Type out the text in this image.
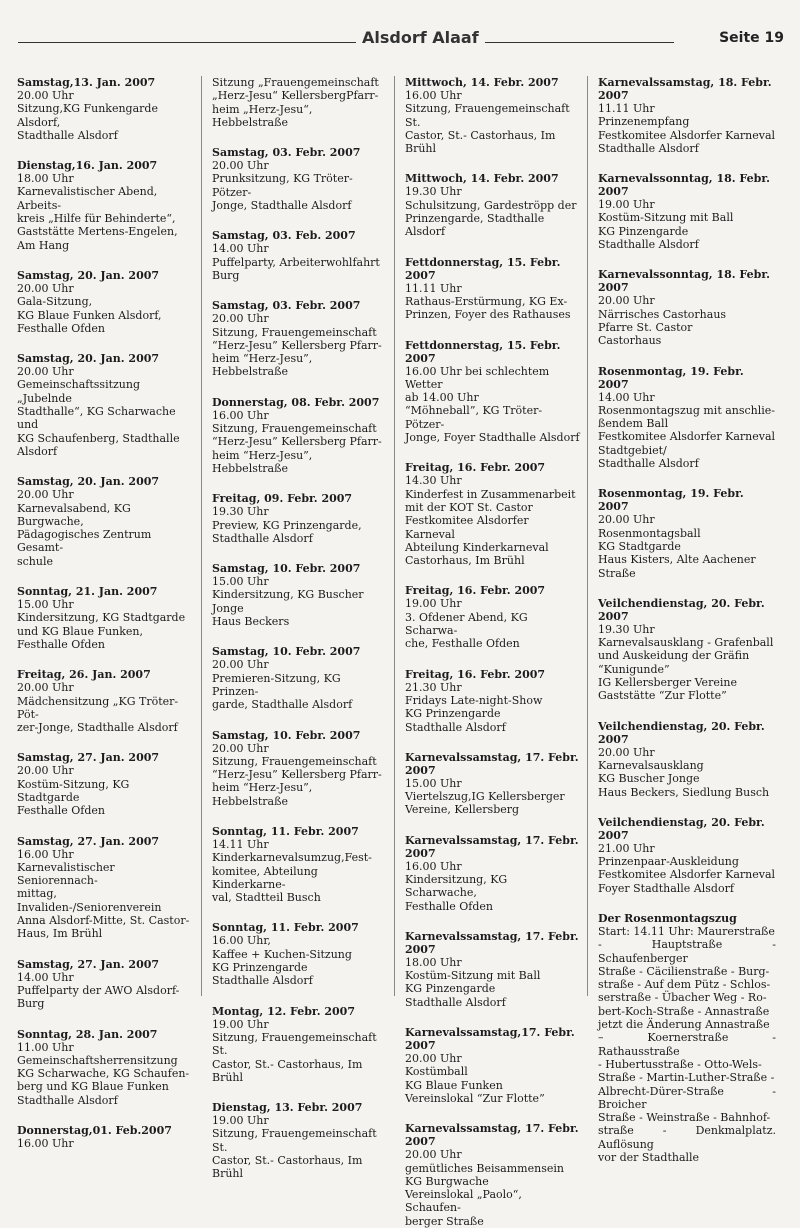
Alsdorf Alaaf	Seite 19
Samstag,13. Jan. 2007
20.00 Uhr
Sitzung,KG Funkengarde Alsdorf,
Stadthalle Alsdorf
Dienstag,16. Jan. 2007
18.00 Uhr
Karnevalistischer Abend, Arbeits-
kreis „Hilfe für Behinderte“,
Gaststätte Mertens-Engelen,
Am Hang
Samstag, 20. Jan. 2007
20.00 Uhr
Gala-Sitzung,
KG Blaue Funken Alsdorf,
Festhalle Ofden
Samstag, 20. Jan. 2007
20.00 Uhr
Gemeinschaftssitzung „Jubelnde
Stadthalle“, KG Scharwache und
KG Schaufenberg, Stadthalle
Alsdorf
Samstag, 20. Jan. 2007
20.00 Uhr
Karnevalsabend, KG Burgwache,
Pädagogisches Zentrum Gesamt-
schule
Sonntag, 21. Jan. 2007
15.00 Uhr
Kindersitzung, KG Stadtgarde
und KG Blaue Funken,
Festhalle Ofden
Freitag, 26. Jan. 2007
20.00 Uhr
Mädchensitzung „KG Tröter-Pöt-
zer-Jonge, Stadthalle Alsdorf
Samstag, 27. Jan. 2007
20.00 Uhr
Kostüm-Sitzung, KG Stadtgarde
Festhalle Ofden
Samstag, 27. Jan. 2007
16.00 Uhr
Karnevalistischer Seniorennach-
mittag, Invaliden-/Seniorenverein
Anna Alsdorf-Mitte, St. Castor-
Haus, Im Brühl
Samstag, 27. Jan. 2007
14.00 Uhr
Puffelparty der AWO Alsdorf-
Burg
Sonntag, 28. Jan. 2007
11.00 Uhr
Gemeinschaftsherrensitzung
KG Scharwache, KG Schaufen-
berg und KG Blaue Funken
Stadthalle Alsdorf
Donnerstag,01. Feb.2007
16.00 Uhr
Sitzung „Frauengemeinschaft
„Herz-Jesu“ KellersbergPfarr-
heim „Herz-Jesu“, Hebbelstraße
Samstag, 03. Febr. 2007
20.00 Uhr
Prunksitzung, KG Tröter-Pötzer-
Jonge, Stadthalle Alsdorf
Samstag, 03. Feb. 2007
14.00 Uhr
Puffelparty, Arbeiterwohlfahrt
Burg
Samstag, 03. Febr. 2007
20.00 Uhr
Sitzung, Frauengemeinschaft
“Herz-Jesu” Kellersberg Pfarr-
heim “Herz-Jesu”, Hebbelstraße
Donnerstag, 08. Febr. 2007
16.00 Uhr
Sitzung, Frauengemeinschaft
“Herz-Jesu” Kellersberg Pfarr-
heim “Herz-Jesu”, Hebbelstraße
Freitag, 09. Febr. 2007
19.30 Uhr
Preview, KG Prinzengarde,
Stadthalle Alsdorf
Samstag, 10. Febr. 2007
15.00 Uhr
Kindersitzung, KG Buscher Jonge
Haus Beckers
Samstag, 10. Febr. 2007
20.00 Uhr
Premieren-Sitzung, KG Prinzen-
garde, Stadthalle Alsdorf
Samstag, 10. Febr. 2007
20.00 Uhr
Sitzung, Frauengemeinschaft
“Herz-Jesu” Kellersberg Pfarr-
heim “Herz-Jesu”, Hebbelstraße
Sonntag, 11. Febr. 2007
14.11 Uhr
Kinderkarnevalsumzug,Fest-
komitee, Abteilung Kinderkarne-
val, Stadtteil Busch
Sonntag, 11. Febr. 2007
16.00 Uhr,
Kaffee + Kuchen-Sitzung
KG Prinzengarde
Stadthalle Alsdorf
Montag, 12. Febr. 2007
19.00 Uhr
Sitzung, Frauengemeinschaft St.
Castor, St.- Castorhaus, Im Brühl
Dienstag, 13. Febr. 2007
19.00 Uhr
Sitzung, Frauengemeinschaft St.
Castor, St.- Castorhaus, Im Brühl
Mittwoch, 14. Febr. 2007
16.00 Uhr
Sitzung, Frauengemeinschaft St.
Castor, St.- Castorhaus, Im Brühl
Mittwoch, 14. Febr. 2007
19.30 Uhr
Schulsitzung, Gardeströpp der
Prinzengarde, Stadthalle Alsdorf
Fettdonnerstag, 15. Febr. 2007
11.11 Uhr
Rathaus-Erstürmung, KG Ex-
Prinzen, Foyer des Rathauses
Fettdonnerstag, 15. Febr. 2007
16.00 Uhr bei schlechtem Wetter
ab 14.00 Uhr
“Möhneball”, KG Tröter-Pötzer-
Jonge, Foyer Stadthalle Alsdorf
Freitag, 16. Febr. 2007
14.30 Uhr
Kinderfest in Zusammenarbeit
mit der KOT St. Castor
Festkomitee Alsdorfer Karneval
Abteilung Kinderkarneval
Castorhaus, Im Brühl
Freitag, 16. Febr. 2007
19.00 Uhr
3. Ofdener Abend, KG Scharwa-
che, Festhalle Ofden
Freitag, 16. Febr. 2007
21.30 Uhr
Fridays Late-night-Show
KG Prinzengarde
Stadthalle Alsdorf
Karnevalssamstag, 17. Febr. 2007
15.00 Uhr
Viertelszug,IG Kellersberger
Vereine, Kellersberg
Karnevalssamstag, 17. Febr. 2007
16.00 Uhr
Kindersitzung, KG Scharwache,
Festhalle Ofden
Karnevalssamstag, 17. Febr. 2007
18.00 Uhr
Kostüm-Sitzung mit Ball
KG Pinzengarde
Stadthalle Alsdorf
Karnevalssamstag,17. Febr. 2007
20.00 Uhr
Kostümball
KG Blaue Funken
Vereinslokal “Zur Flotte”
Karnevalssamstag, 17. Febr. 2007
20.00 Uhr
gemütliches Beisammensein
KG Burgwache
Vereinslokal „Paolo“, Schaufen-
berger Straße
Karnevalssamstag, 18. Febr. 2007
11.11 Uhr
Prinzenempfang
Festkomitee Alsdorfer Karneval
Stadthalle Alsdorf
Karnevalssonntag, 18. Febr. 2007
19.00 Uhr
Kostüm-Sitzung mit Ball
KG Pinzengarde
Stadthalle Alsdorf
Karnevalssonntag, 18. Febr. 2007
20.00 Uhr
Närrisches Castorhaus
Pfarre St. Castor
Castorhaus
Rosenmontag, 19. Febr. 2007
14.00 Uhr
Rosenmontagszug mit anschlie-
ßendem Ball
Festkomitee Alsdorfer Karneval
Stadtgebiet/
Stadthalle Alsdorf
Rosenmontag, 19. Febr. 2007
20.00 Uhr
Rosenmontagsball
KG Stadtgarde
Haus Kisters, Alte Aachener
Straße
Veilchendienstag, 20. Febr. 2007
19.30 Uhr
Karnevalsausklang - Grafenball
und Auskeidung der Gräfin
“Kunigunde”
IG Kellersberger Vereine
Gaststätte “Zur Flotte”
Veilchendienstag, 20. Febr. 2007
20.00 Uhr
Karnevalsausklang
KG Buscher Jonge
Haus Beckers, Siedlung Busch
Veilchendienstag, 20. Febr. 2007
21.00 Uhr
Prinzenpaar-Auskleidung
Festkomitee Alsdorfer Karneval
Foyer Stadthalle Alsdorf
Der Rosenmontagszug
Start: 14.11 Uhr: Maurerstraße
- Hauptstraße - Schaufenberger
Straße - Cäcilienstraße - Burg-
straße - Auf dem Pütz - Schlos-
serstraße - Übacher Weg - Ro-
bert-Koch-Straße - Annastraße
jetzt die Änderung Annastraße
– Koernerstraße - Rathausstraße
- Hubertusstraße - Otto-Wels-
Straße - Martin-Luther-Straße -
Albrecht-Dürer-Straße - Broicher
Straße - Weinstraße - Bahnhof-
straße - Denkmalplatz. Auflösung
vor der Stadthalle
